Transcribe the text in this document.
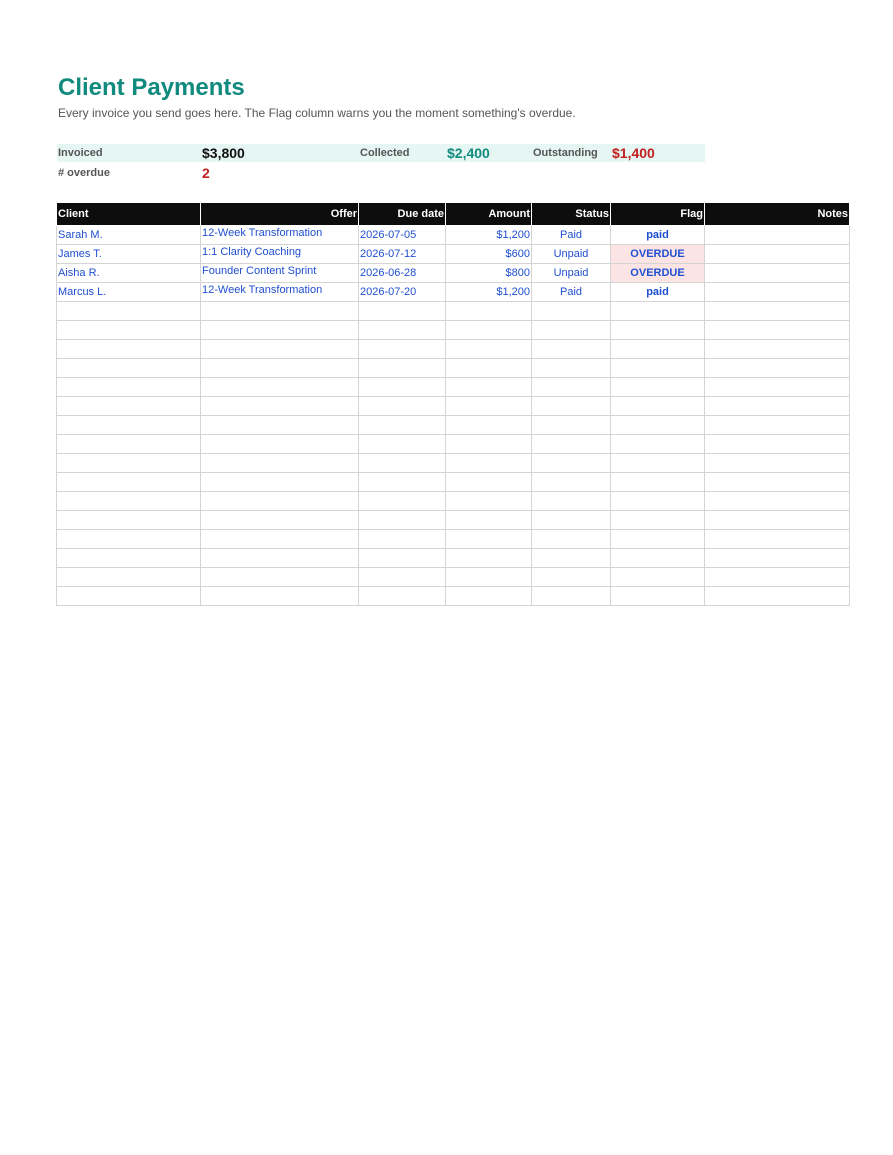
Client Payments
Every invoice you send goes here. The Flag column warns you the moment something's overdue.
Invoiced	$3,800	Collected	$2,400	Outstanding $1,400
# overdue	2
Client	Offer	Due date	Amount	Status	Flag	Notes
Sarah M.	12-Week Transformation	2026-07-05	$1,200	Paid	paid	
James T.	1:1 Clarity Coaching	2026-07-12	$600	Unpaid	OVERDUE	
Aisha R.	Founder Content Sprint	2026-06-28	$800	Unpaid	OVERDUE	
Marcus L.	12-Week Transformation	2026-07-20	$1,200	Paid	paid	
